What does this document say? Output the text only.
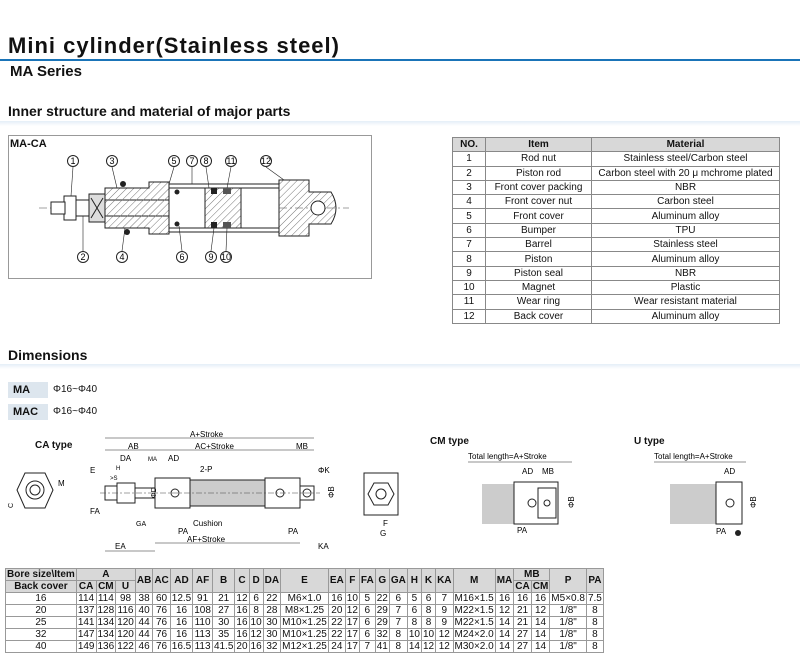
Mini cylinder(Stainless steel)
MA Series
Inner structure and material of major parts
1	3	5 7 8 11	12
2	4	6	9 10
MA-CA	NO.	Item	Material
1	Rod nut	Stainless steel/Carbon steel
2	Piston rod	Carbon steel with 20 μ mchrome plated
3	Front cover packing	NBR
4	Front cover nut	Carbon steel
5	Front cover	Aluminum alloy
6	Bumper	TPU
7	Barrel	Stainless steel
8	Piston	Aluminum alloy
9	Piston seal	NBR
10	Magnet	Plastic
11	Wear ring	Wear resistant material
12	Back cover	Aluminum alloy
Dimensions
MA	Φ16~Φ40
MAC	Φ16~Φ40
CA type	CM type	U type
M
C
A+Stroke
AB	AC+Stroke	MB
DA	MA AD
H
E
>S
2-P	ΦK
ΦB
FA
GA	Cushion
PA	PA
AF+Stroke
EA	KA
ΦD
F
G
Total length=A+Stroke
AD MB
PA
ΦB
Total length=A+Stroke
AD
PA
ΦB
Bore size\Item	A			AB	AC	AD	AF	B	C	D	DA	E	EA	F	FA	G	GA	H	K	KA	M	MA	MB		P	PA
Back cover	CA	CM	U																				CA	CM		
16	114	114	98	38	60	12.5	91	21	12	6	22	M6×1.0	16	10	5	22	6	5	6	7	M16×1.5	16	16	16	M5×0.8	7.5
20	137	128	116	40	76	16	108	27	16	8	28	M8×1.25	20	12	6	29	7	6	8	9	M22×1.5	12	21	12	1/8"	8
25	141	134	120	44	76	16	110	30	16	10	30	M10×1.25	22	17	6	29	7	8	8	9	M22×1.5	14	21	14	1/8"	8
32	147	134	120	44	76	16	113	35	16	12	30	M10×1.25	22	17	6	32	8	10	10	12	M24×2.0	14	27	14	1/8"	8
40	149	136	122	46	76	16.5	113	41.5	20	16	32	M12×1.25	24	17	7	41	8	14	12	12	M30×2.0	14	27	14	1/8"	8
